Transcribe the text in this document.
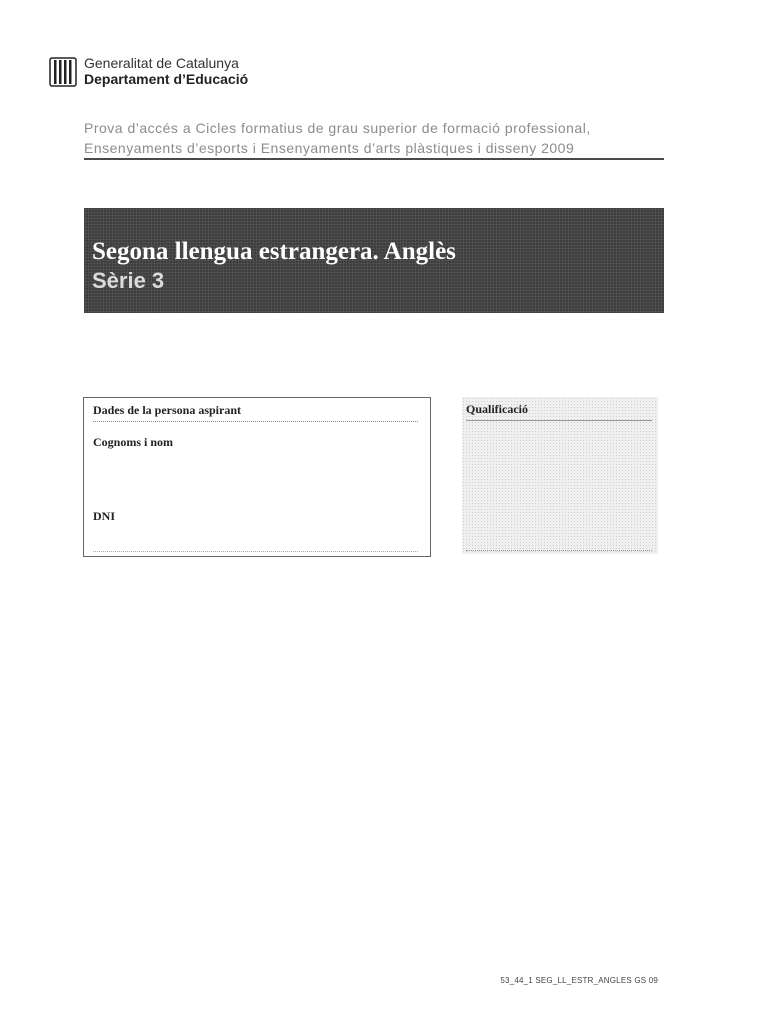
Generalitat de Catalunya
Departament d’Educació
Prova d’accés a Cicles formatius de grau superior de formació professional,
Ensenyaments d’esports i Ensenyaments d’arts plàstiques i disseny 2009
Segona llengua estrangera. Anglès
Sèrie 3
Dades de la persona aspirant
Cognoms i nom
DNI
Qualificació
53_44_1 SEG_LL_ESTR_ANGLES GS 09
